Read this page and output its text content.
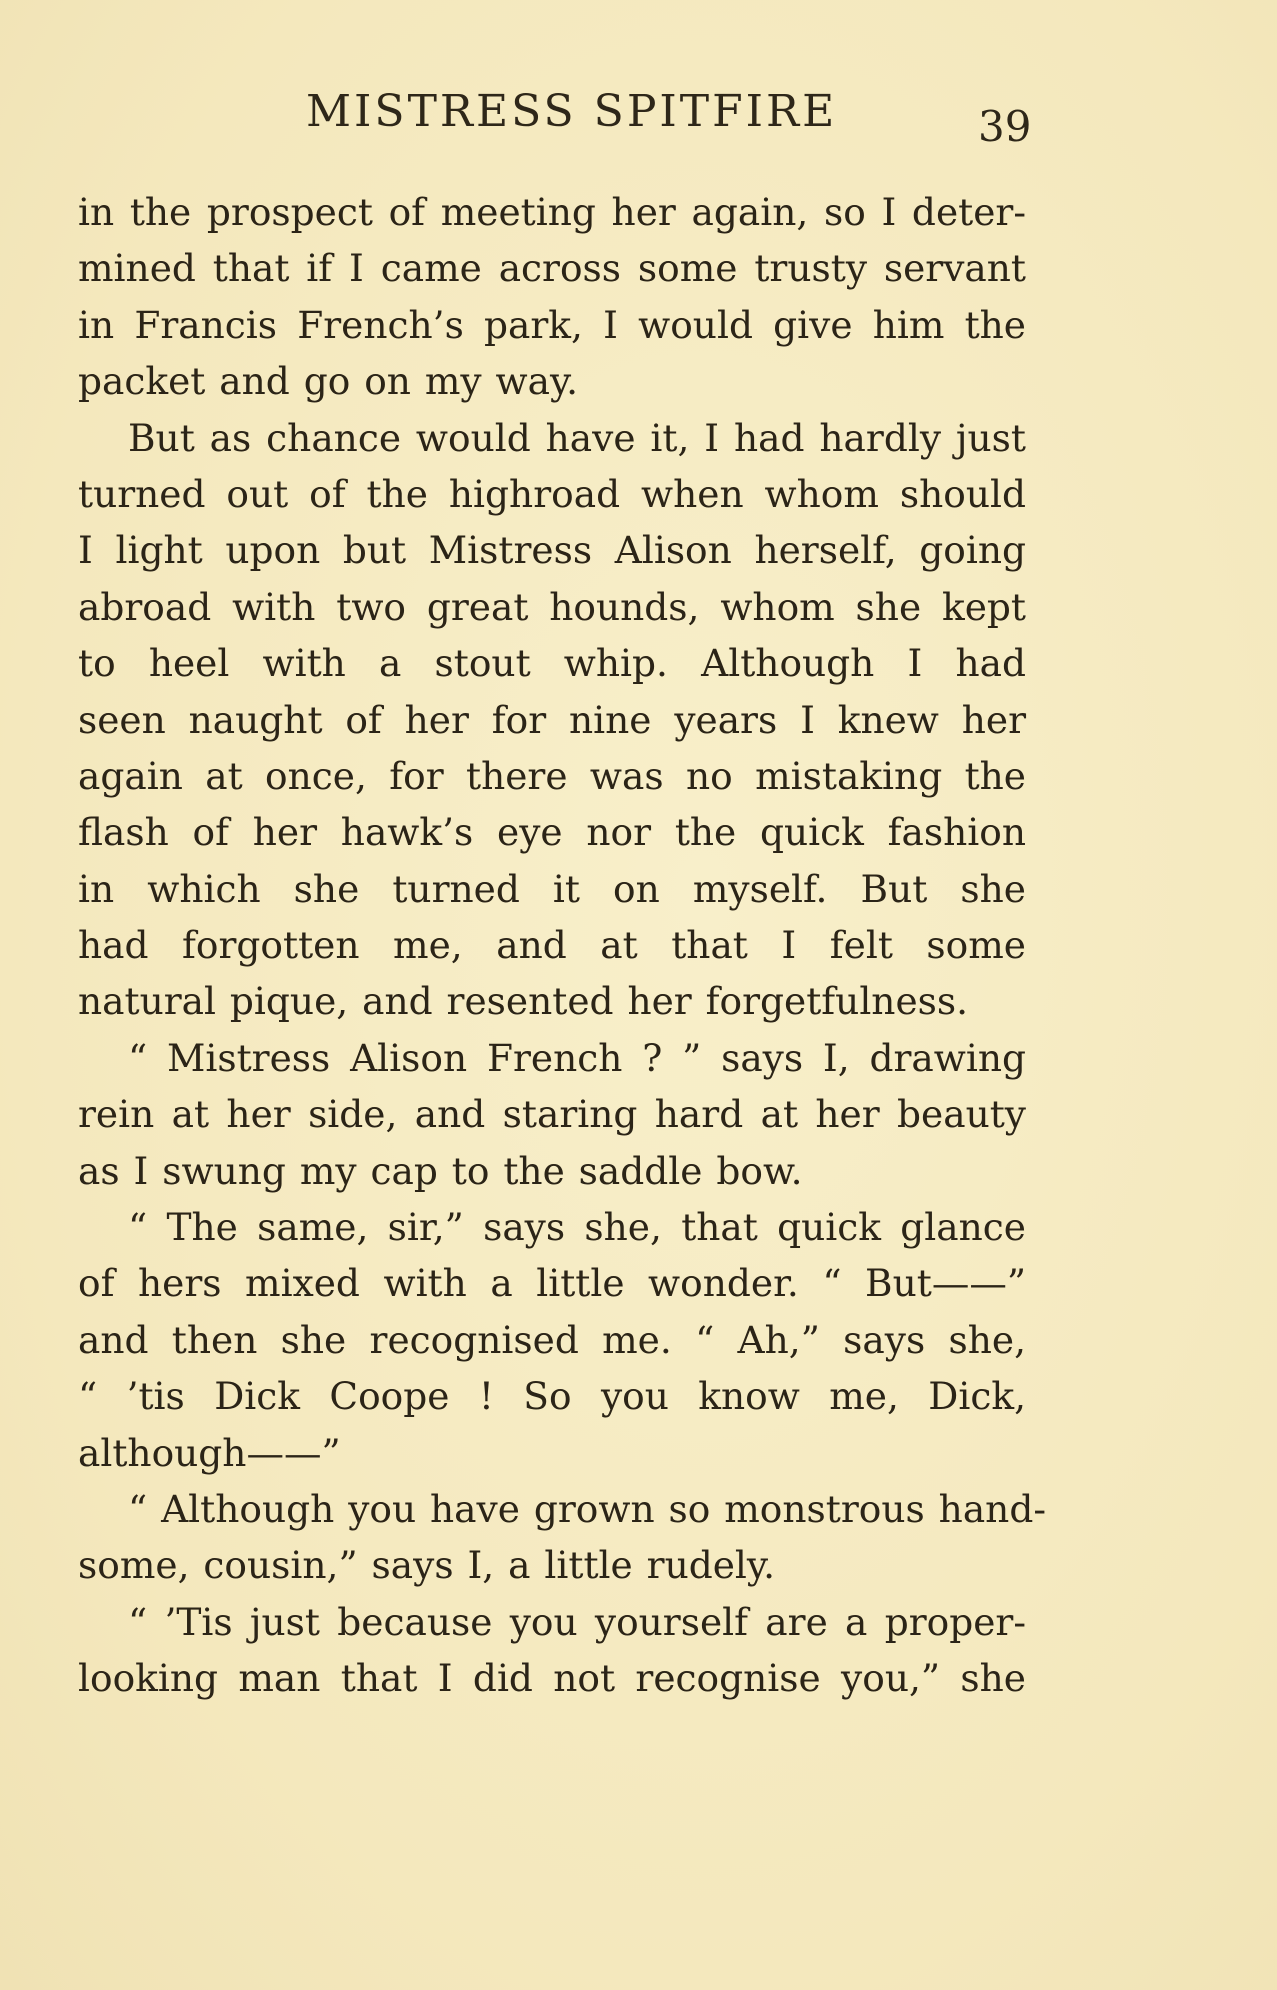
MISTRESS SPITFIRE	39
in the prospect of meeting her again, so I deter-
mined that if I came across some trusty servant
in Francis French’s park, I would give him the
packet and go on my way.
But as chance would have it, I had hardly just
turned out of the highroad when whom should
I light upon but Mistress Alison herself, going
abroad with two great hounds, whom she kept
to heel with a stout whip. Although I had
seen naught of her for nine years I knew her
again at once, for there was no mistaking the
flash of her hawk’s eye nor the quick fashion
in which she turned it on myself. But she
had forgotten me, and at that I felt some
natural pique, and resented her forgetfulness.
“ Mistress Alison French ? ” says I, drawing
rein at her side, and staring hard at her beauty
as I swung my cap to the saddle bow.
“ The same, sir,” says she, that quick glance
of hers mixed with a little wonder. “ But——”
and then she recognised me. “ Ah,” says she,
“ ’tis Dick Coope ! So you know me, Dick,
although——”
“ Although you have grown so monstrous hand-
some, cousin,” says I, a little rudely.
“ ’Tis just because you yourself are a proper-
looking man that I did not recognise you,” she
